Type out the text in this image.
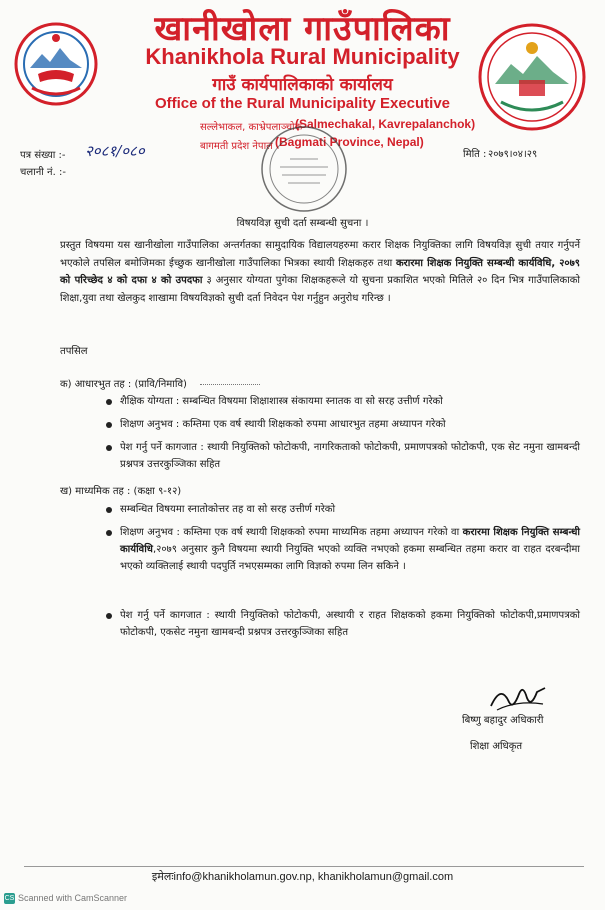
खानीखोला गाउँपालिका
Khanikhola Rural Municipality
गाउँ कार्यपालिकाको कार्यालय
Office of the Rural Municipality Executive
सल्लेभाकल, काभ्रेपलाञ्चोक
(Salmechakal, Kavrepalanchok)
बागमती प्रदेश नेपाल (Bagmati Province, Nepal)
पत्र संख्या :- २०८१/०८०
चलानी नं. :-
मिति : २०७९।०४।२९
विषयविज्ञ सुची दर्ता सम्बन्धी सुचना ।
प्रस्तुत विषयमा यस खानीखोला गाउँपालिका अन्तर्गतका सामुदायिक विद्यालयहरुमा करार शिक्षक नियुक्तिका लागि विषयविज्ञ सुची तयार गर्नुपर्ने भएकोले तपसिल बमोजिमका ईच्छुक खानीखोला गाउँपालिका भित्रका स्थायी शिक्षकहरु तथा करारमा शिक्षक नियुक्ति सम्बन्धी कार्यविधि, २०७९ को परिच्छेद ४ को दफा ४ को उपदफा ३ अनुसार योग्यता पुगेका शिक्षकहरूले यो सुचना प्रकाशित भएको मितिले २० दिन भित्र गाउँपालिकाको शिक्षा,युवा तथा खेलकुद शाखामा विषयविज्ञको सुची दर्ता निवेदन पेश गर्नुहुन अनुरोध गरिन्छ ।
तपसिल
क) आधारभुत तह : (प्रावि/निमावि)
शैक्षिक योग्यता : सम्बन्धित विषयमा शिक्षाशास्त्र संकायमा स्नातक वा सो सरह उत्तीर्ण गरेको
शिक्षण अनुभव : कम्तिमा एक वर्ष स्थायी शिक्षकको रुपमा आधारभुत तहमा अध्यापन गरेको
पेश गर्नु पर्ने कागजात : स्थायी नियुक्तिको फोटोकपी, नागरिकताको फोटोकपी, प्रमाणपत्रको फोटोकपी, एक सेट नमुना खामबन्दी प्रश्नपत्र उत्तरकुञ्जिका सहित
ख) माध्यमिक तह : (कक्षा ९-१२)
सम्बन्धित विषयमा स्नातोकोत्तर तह वा सो सरह उत्तीर्ण गरेको
शिक्षण अनुभव : कम्तिमा एक वर्ष स्थायी शिक्षकको रुपमा माध्यमिक तहमा अध्यापन गरेको वा करारमा शिक्षक नियुक्ति सम्बन्धी कार्यविधि,२०७९ अनुसार कुनै विषयमा स्थायी नियुक्ति भएको व्यक्ति नभएको हकमा सम्बन्धित तहमा करार वा राहत दरबन्दीमा भएको व्यक्तिलाई स्थायी पदपुर्ति नभएसम्मका लागि विज्ञको रुपमा लिन सकिने ।
पेश गर्नु पर्ने कागजात : स्थायी नियुक्तिको फोटोकपी, अस्थायी र राहत शिक्षकको हकमा नियुक्तिको फोटोकपी,प्रमाणपत्रको फोटोकपी, एकसेट नमुना खामबन्दी प्रश्नपत्र उत्तरकुञ्जिका सहित
बिष्णु बहादुर अधिकारी
शिक्षा अधिकृत
इमेलःinfo@khanikholamun.gov.np, khanikholamun@gmail.com
CS Scanned with CamScanner
